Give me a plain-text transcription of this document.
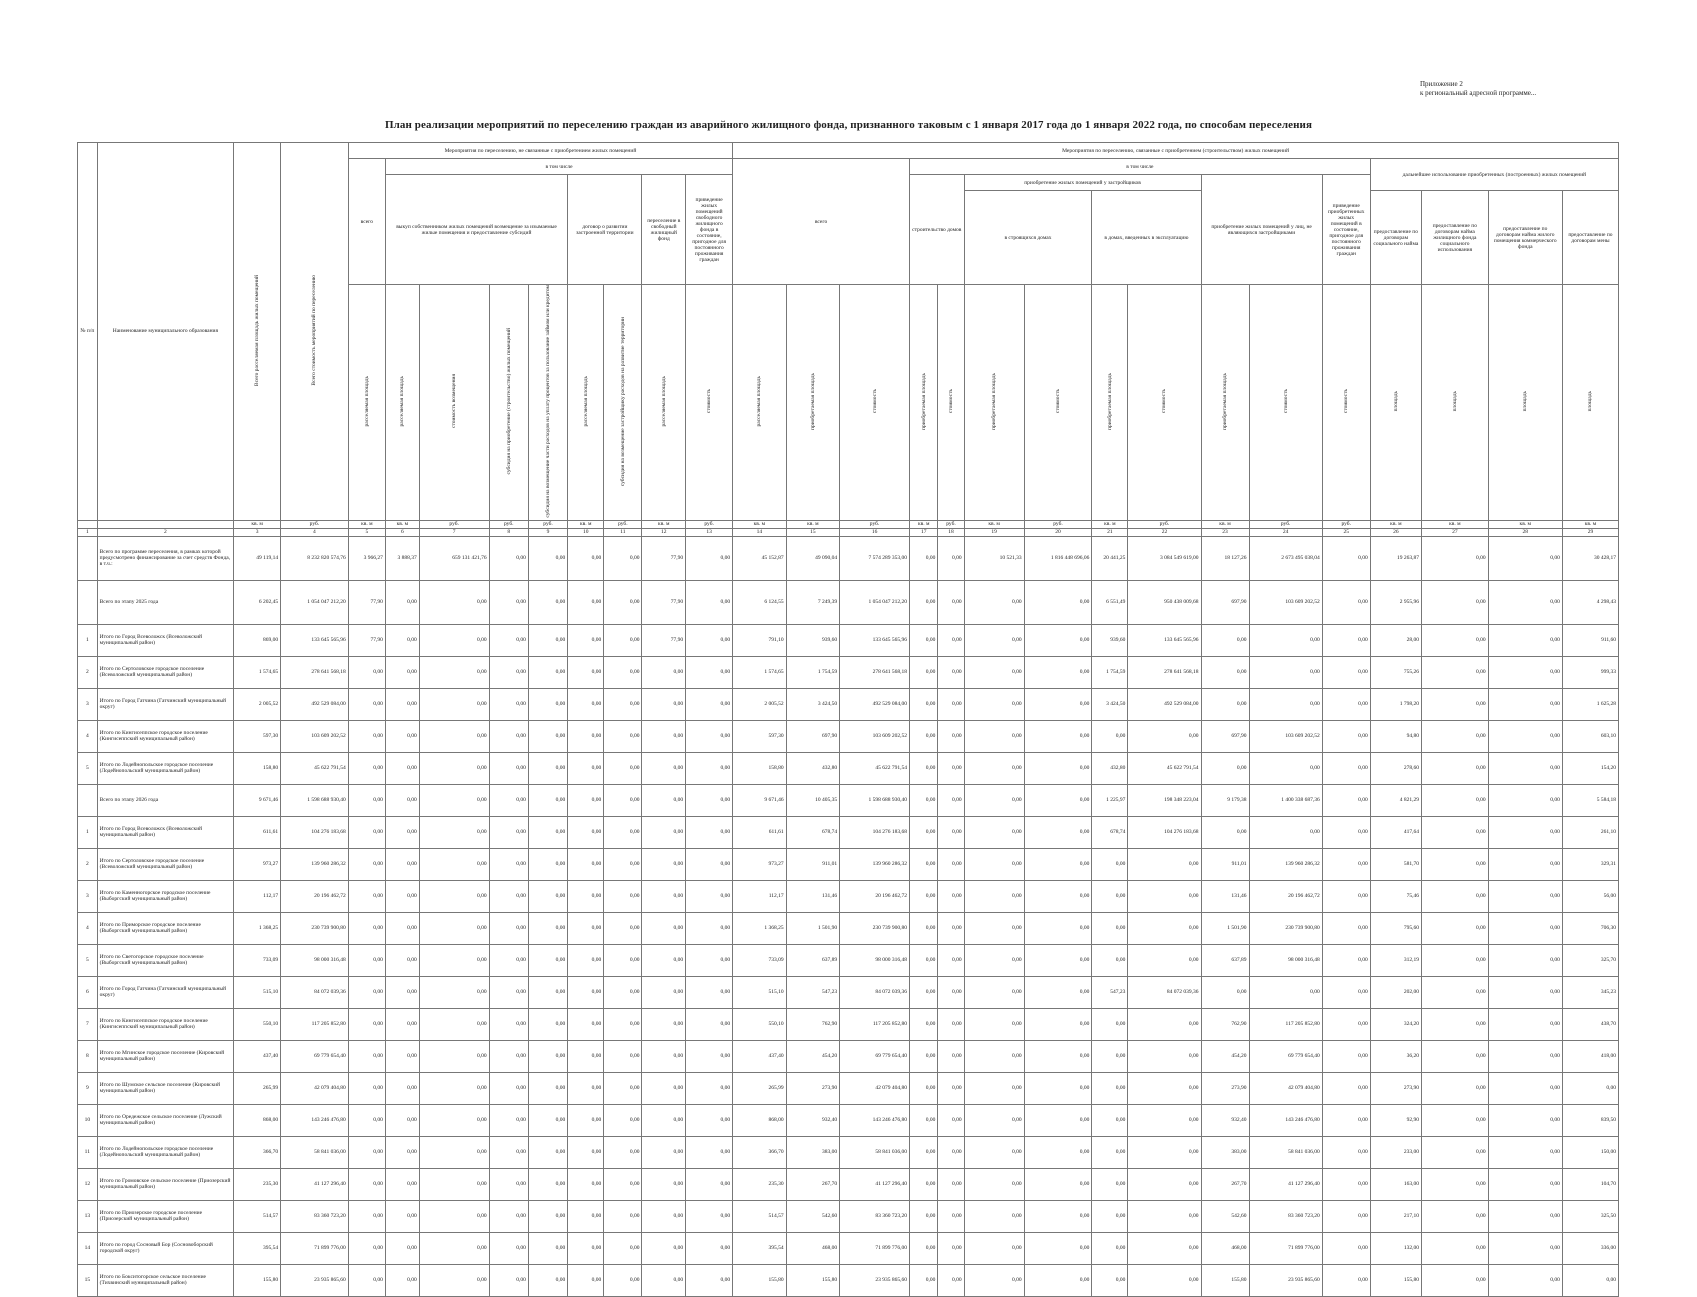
Приложение 2
к региональный адресной программе...
План реализации мероприятий по переселению граждан из аварийного жилищного фонда, признанного таковым с 1 января 2017 года до 1 января 2022 года, по способам переселения
№ п/п	Наименование муниципального образования	Всего расселяемая площадь жилых помещений	Всего стоимость мероприятий по переселению	Мероприятия по переселению, не связанные с приобретением жилых помещений									Мероприятия по переселению, связанные с приобретением (строительством) жилых помещений															
				всего	в том числе								всего			в том числе									дальнейшее использование приобретенных (построенных) жилых помещений			
					выкуп собственником жилых помещений возмещение за изымаемые жилые помещения и предоставление субсидий				договор о развитии застроенной территории		переселение в свободный жилищный фонд	приведение жилых помещений свободного жилищного фонда в состояние, пригодное для постоянного проживания граждан				строительство домов		приобретение жилых помещений у застройщиков				приобретение жилых помещений у лиц, не являющихся застройщиками		приведение приобретенных жилых помещений в состояние, пригодное для постоянного проживания граждан				
																		в строящихся домах		в домах, введенных в эксплуатацию					предоставление по договорам социального найма	предоставление по договорам найма жилищного фонда социального использования	предоставление по договорам найма жилого помещения коммерческого фонда	предоставление по договорам мены
				расселяемая площадь	расселяемая площадь	стоимость возмещения	субсидия на приобретение (строительство) жилых помещений	субсидия на возмещение части расходов на уплату процентов за пользование займом или кредитом	расселяемая площадь	субсидия на возмещение застройщику расходов на развитие территории	расселяемая площадь	стоимость	расселяемая площадь	приобретаемая площадь	стоимость	приобретаемая площадь	стоимость	приобретаемая площадь	стоимость	приобретаемая площадь	стоимость	приобретаемая площадь	стоимость	стоимость	площадь	площадь	площадь	площадь
		кв. м	руб.	кв. м	кв. м	руб.	руб.	руб.	кв. м	руб.	кв. м	руб.	кв. м	кв. м	руб.	кв. м	руб.	кв. м	руб.	кв. м	руб.	кв. м	руб.	руб.	кв. м	кв. м	кв. м	кв. м
1	2	3	4	5	6	7	8	9	10	11	12	13	14	15	16	17	18	19	20	21	22	23	24	25	26	27	28	29
	Всего по программе переселения, в рамках которой предусмотрено финансирование за счет средств Фонда, в т.ч.:	49 119,14	8 232 820 574,76	3 966,27	3 888,37	659 131 421,76	0,00	0,00	0,00	0,00	77,90	0,00	45 152,87	49 090,04	7 574 289 353,00	0,00	0,00	10 521,33	1 816 448 696,06	20 441,25	3 084 549 619,00	18 127,26	2 673 495 038,04	0,00	19 263,87	0,00	0,00	30 428,17
	Всего по этапу 2025 года	6 202,45	1 054 047 212,20	77,90	0,00	0,00	0,00	0,00	0,00	0,00	77,90	0,00	6 124,55	7 249,39	1 054 047 212,20	0,00	0,00	0,00	0,00	6 551,49	950 438 009,68	697,90	103 609 202,52	0,00	2 955,96	0,00	0,00	4 298,43
1	Итого по Город Всеволожск (Всеволожский муниципальный район)	869,00	133 645 565,96	77,90	0,00	0,00	0,00	0,00	0,00	0,00	77,90	0,00	791,10	939,60	133 645 565,96	0,00	0,00	0,00	0,00	939,60	133 645 565,96	0,00	0,00	0,00	28,00	0,00	0,00	911,60
2	Итого по Сертоловское городское поселение (Всеволожский муниципальный район)	1 574,65	278 641 568,18	0,00	0,00	0,00	0,00	0,00	0,00	0,00	0,00	0,00	1 574,65	1 754,59	278 641 568,18	0,00	0,00	0,00	0,00	1 754,59	278 641 568,18	0,00	0,00	0,00	755,26	0,00	0,00	999,33
3	Итого по Город Гатчина (Гатчинский муниципальный округ)	2 005,52	492 529 084,00	0,00	0,00	0,00	0,00	0,00	0,00	0,00	0,00	0,00	2 005,52	3 424,50	492 529 084,00	0,00	0,00	0,00	0,00	3 424,50	492 529 084,00	0,00	0,00	0,00	1 798,20	0,00	0,00	1 625,28
4	Итого по Кингисеппское городское поселение (Кингисеппский муниципальный район)	597,30	103 609 202,52	0,00	0,00	0,00	0,00	0,00	0,00	0,00	0,00	0,00	597,30	697,90	103 609 202,52	0,00	0,00	0,00	0,00	0,00	0,00	697,90	103 609 202,52	0,00	94,80	0,00	0,00	603,10
5	Итого по Лодейнопольское городское поселение (Лодейнопольский муниципальный район)	158,80	45 622 791,54	0,00	0,00	0,00	0,00	0,00	0,00	0,00	0,00	0,00	158,80	432,80	45 622 791,54	0,00	0,00	0,00	0,00	432,80	45 622 791,54	0,00	0,00	0,00	278,60	0,00	0,00	154,20
	Всего по этапу 2026 года	9 671,46	1 598 688 930,40	0,00	0,00	0,00	0,00	0,00	0,00	0,00	0,00	0,00	9 671,46	10 405,35	1 598 688 930,40	0,00	0,00	0,00	0,00	1 225,97	198 348 223,04	9 179,38	1 400 338 687,36	0,00	4 821,29	0,00	0,00	5 584,18
1	Итого по Город Всеволожск (Всеволожский муниципальный район)	611,61	104 276 183,68	0,00	0,00	0,00	0,00	0,00	0,00	0,00	0,00	0,00	611,61	678,74	104 276 183,68	0,00	0,00	0,00	0,00	678,74	104 276 183,68	0,00	0,00	0,00	417,64	0,00	0,00	261,10
2	Итого по Сертоловское городское поселение (Всеволожский муниципальный район)	973,27	139 960 286,32	0,00	0,00	0,00	0,00	0,00	0,00	0,00	0,00	0,00	973,27	911,01	139 960 286,32	0,00	0,00	0,00	0,00	0,00	0,00	911,01	139 960 286,32	0,00	581,70	0,00	0,00	329,31
3	Итого по Каменногорское городское поселение (Выборгский муниципальный район)	112,17	20 196 462,72	0,00	0,00	0,00	0,00	0,00	0,00	0,00	0,00	0,00	112,17	131,46	20 196 462,72	0,00	0,00	0,00	0,00	0,00	0,00	131,46	20 196 462,72	0,00	75,46	0,00	0,00	56,00
4	Итого по Приморское городское поселение (Выборгский муниципальный район)	1 368,25	230 739 900,80	0,00	0,00	0,00	0,00	0,00	0,00	0,00	0,00	0,00	1 368,25	1 501,90	230 739 900,80	0,00	0,00	0,00	0,00	0,00	0,00	1 501,90	230 739 900,80	0,00	795,60	0,00	0,00	706,30
5	Итого по Светогорское городское поселение (Выборгский муниципальный район)	733,09	98 000 316,48	0,00	0,00	0,00	0,00	0,00	0,00	0,00	0,00	0,00	733,09	637,89	98 000 316,48	0,00	0,00	0,00	0,00	0,00	0,00	637,89	98 000 316,48	0,00	312,19	0,00	0,00	325,70
6	Итого по Город Гатчина (Гатчинский муниципальный округ)	515,10	84 072 039,36	0,00	0,00	0,00	0,00	0,00	0,00	0,00	0,00	0,00	515,10	547,23	84 072 039,36	0,00	0,00	0,00	0,00	547,23	84 072 039,36	0,00	0,00	0,00	202,00	0,00	0,00	345,23
7	Итого по Кингисеппское городское поселение (Кингисеппский муниципальный район)	550,10	117 205 852,80	0,00	0,00	0,00	0,00	0,00	0,00	0,00	0,00	0,00	550,10	762,90	117 205 852,80	0,00	0,00	0,00	0,00	0,00	0,00	762,90	117 205 852,80	0,00	324,20	0,00	0,00	438,70
8	Итого по Мгинское городское поселение (Кировский муниципальный район)	437,40	69 779 654,40	0,00	0,00	0,00	0,00	0,00	0,00	0,00	0,00	0,00	437,40	454,20	69 779 654,40	0,00	0,00	0,00	0,00	0,00	0,00	454,20	69 779 654,40	0,00	36,20	0,00	0,00	418,00
9	Итого по Шумское сельское поселение (Кировский муниципальный район)	265,99	42 079 404,80	0,00	0,00	0,00	0,00	0,00	0,00	0,00	0,00	0,00	265,99	273,90	42 079 404,80	0,00	0,00	0,00	0,00	0,00	0,00	273,90	42 079 404,80	0,00	273,90	0,00	0,00	0,00
10	Итого по Оредежское сельское поселение (Лужский муниципальный район)	868,00	143 246 476,80	0,00	0,00	0,00	0,00	0,00	0,00	0,00	0,00	0,00	868,00	932,40	143 246 476,80	0,00	0,00	0,00	0,00	0,00	0,00	932,40	143 246 476,80	0,00	92,90	0,00	0,00	839,50
11	Итого по Лодейнопольское городское поселение (Лодейнопольский муниципальный район)	366,70	58 841 036,00	0,00	0,00	0,00	0,00	0,00	0,00	0,00	0,00	0,00	366,70	383,00	58 841 036,00	0,00	0,00	0,00	0,00	0,00	0,00	383,00	58 841 036,00	0,00	233,00	0,00	0,00	150,00
12	Итого по Громовское сельское поселение (Приозерский муниципальный район)	235,30	41 127 296,40	0,00	0,00	0,00	0,00	0,00	0,00	0,00	0,00	0,00	235,30	267,70	41 127 296,40	0,00	0,00	0,00	0,00	0,00	0,00	267,70	41 127 296,40	0,00	163,00	0,00	0,00	104,70
13	Итого по Приозерское городское поселение (Приозерский муниципальный район)	514,57	83 360 723,20	0,00	0,00	0,00	0,00	0,00	0,00	0,00	0,00	0,00	514,57	542,60	83 360 723,20	0,00	0,00	0,00	0,00	0,00	0,00	542,60	83 360 723,20	0,00	217,10	0,00	0,00	325,50
14	Итого по город Сосновый Бор (Сосновоборский городской округ)	395,54	71 899 776,00	0,00	0,00	0,00	0,00	0,00	0,00	0,00	0,00	0,00	395,54	468,00	71 899 776,00	0,00	0,00	0,00	0,00	0,00	0,00	468,00	71 899 776,00	0,00	132,00	0,00	0,00	336,00
15	Итого по Бокситогорское сельское поселение (Тихвинский муниципальный район)	155,80	23 935 865,60	0,00	0,00	0,00	0,00	0,00	0,00	0,00	0,00	0,00	155,80	155,80	23 935 865,60	0,00	0,00	0,00	0,00	0,00	0,00	155,80	23 935 865,60	0,00	155,80	0,00	0,00	0,00
